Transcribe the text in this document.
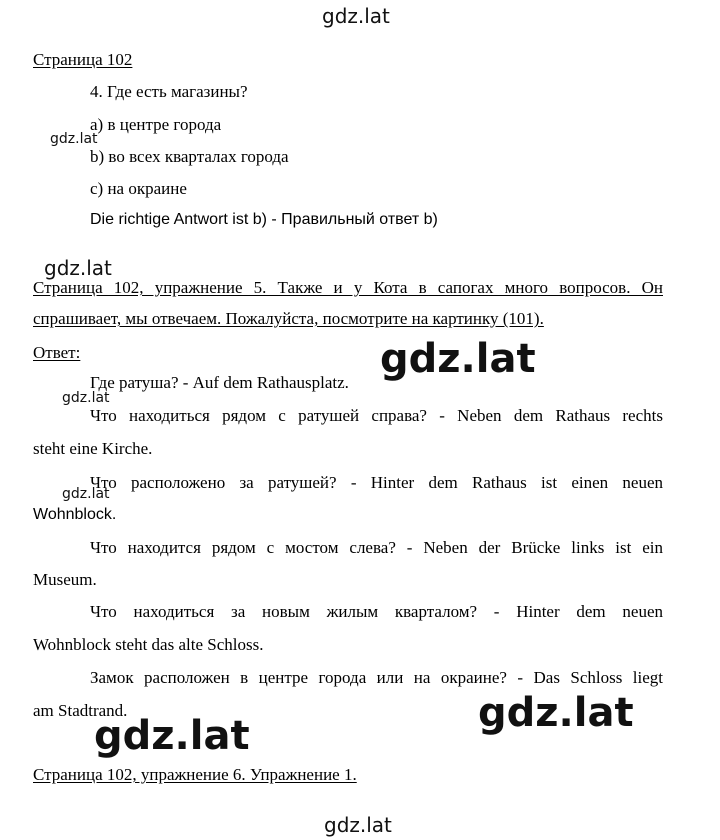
gdz.lat
gdz.lat
gdz.lat
gdz.lat
gdz.lat
gdz.lat
gdz.lat
gdz.lat
gdz.lat
Страница 102
4. Где есть магазины?
a) в центре города
b) во всех кварталах города
c) на окраине
Die richtige Antwort ist b) - Правильный ответ b)
Страница 102, упражнение 5. Также и у Кота в сапогах много вопросов. Он
спрашивает, мы отвечаем. Пожалуйста, посмотрите на картинку (101).
Ответ:
Где ратуша? - Auf dem Rathausplatz.
Что находиться рядом с ратушей справа? - Neben dem Rathaus rechts
steht eine Kirche.
Что расположено за ратушей? - Hinter dem Rathaus ist einen neuen
Wohnblock.
Что находится рядом с мостом слева? - Neben der Brücke links ist ein
Museum.
Что находиться за новым жилым кварталом? - Hinter dem neuen
Wohnblock steht das alte Schloss.
Замок расположен в центре города или на окраине? - Das Schloss liegt
am Stadtrand.
Страница 102, упражнение 6. Упражнение 1.
